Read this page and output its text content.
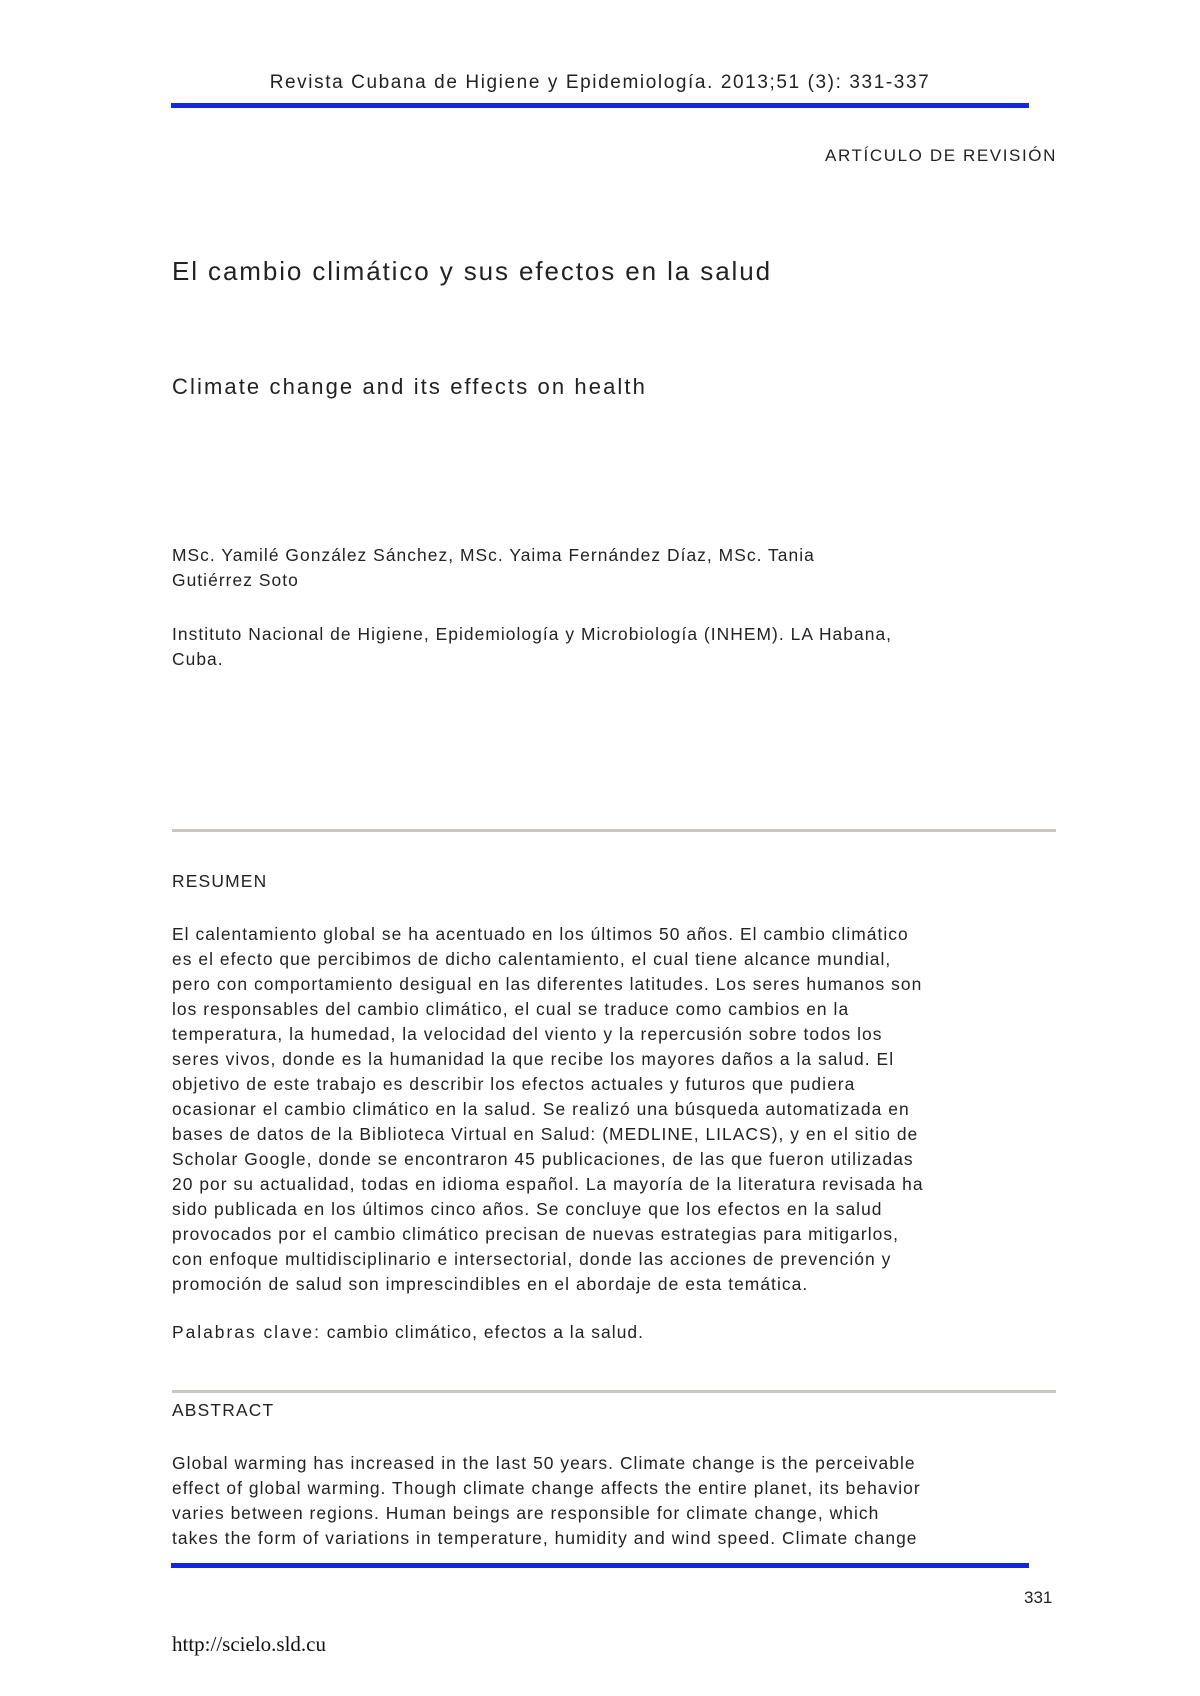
Revista Cubana de Higiene y Epidemiología. 2013;51 (3): 331-337
ARTÍCULO DE REVISIÓN
El cambio climático y sus efectos en la salud
Climate change and its effects on health
MSc. Yamilé González Sánchez, MSc. Yaima Fernández Díaz, MSc. Tania
Gutiérrez Soto
Instituto Nacional de Higiene, Epidemiología y Microbiología (INHEM). LA Habana,
Cuba.
RESUMEN
El calentamiento global se ha acentuado en los últimos 50 años. El cambio climático
es el efecto que percibimos de dicho calentamiento, el cual tiene alcance mundial,
pero con comportamiento desigual en las diferentes latitudes. Los seres humanos son
los responsables del cambio climático, el cual se traduce como cambios en la
temperatura, la humedad, la velocidad del viento y la repercusión sobre todos los
seres vivos, donde es la humanidad la que recibe los mayores daños a la salud. El
objetivo de este trabajo es describir los efectos actuales y futuros que pudiera
ocasionar el cambio climático en la salud. Se realizó una búsqueda automatizada en
bases de datos de la Biblioteca Virtual en Salud: (MEDLINE, LILACS), y en el sitio de
Scholar Google, donde se encontraron 45 publicaciones, de las que fueron utilizadas
20 por su actualidad, todas en idioma español. La mayoría de la literatura revisada ha
sido publicada en los últimos cinco años. Se concluye que los efectos en la salud
provocados por el cambio climático precisan de nuevas estrategias para mitigarlos,
con enfoque multidisciplinario e intersectorial, donde las acciones de prevención y
promoción de salud son imprescindibles en el abordaje de esta temática.
Palabras clave: cambio climático, efectos a la salud.
ABSTRACT
Global warming has increased in the last 50 years. Climate change is the perceivable
effect of global warming. Though climate change affects the entire planet, its behavior
varies between regions. Human beings are responsible for climate change, which
takes the form of variations in temperature, humidity and wind speed. Climate change
331
http://scielo.sld.cu
